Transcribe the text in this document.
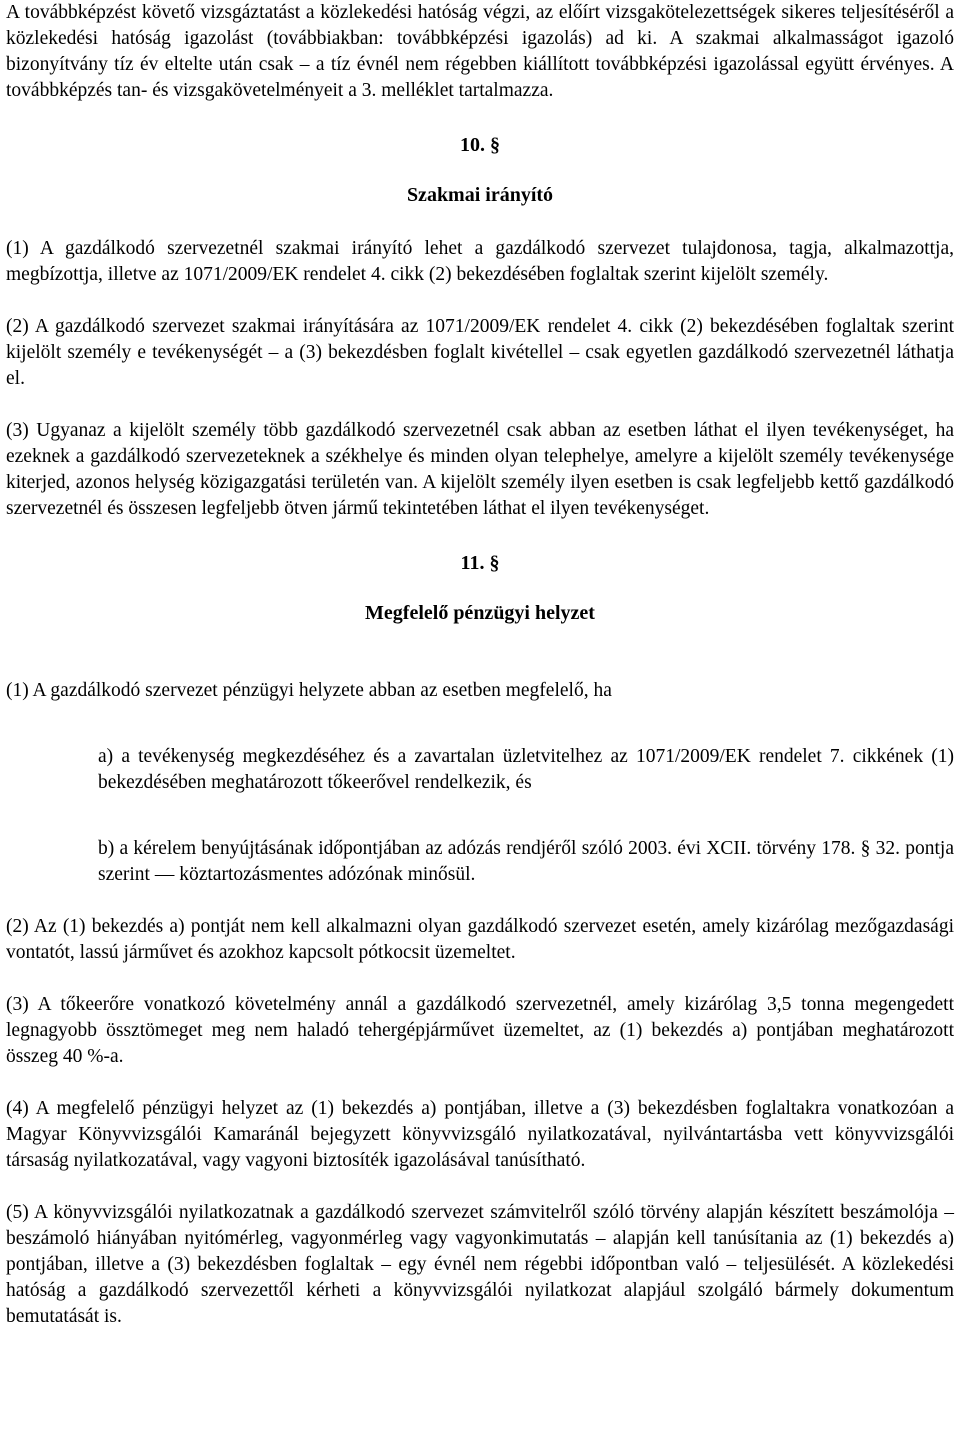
A továbbképzést követő vizsgáztatást a közlekedési hatóság végzi, az előírt vizsgakötelezettségek sikeres teljesítéséről a közlekedési hatóság igazolást (továbbiakban: továbbképzési igazolás) ad ki. A szakmai alkalmasságot igazoló bizonyítvány tíz év eltelte után csak – a tíz évnél nem régebben kiállított továbbképzési igazolással együtt érvényes. A továbbképzés tan- és vizsgakövetelményeit a 3. melléklet tartalmazza.

10. §
Szakmai irányító

(1) A gazdálkodó szervezetnél szakmai irányító lehet a gazdálkodó szervezet tulajdonosa, tagja, alkalmazottja, megbízottja, illetve az 1071/2009/EK rendelet 4. cikk (2) bekezdésében foglaltak szerint kijelölt személy.

(2) A gazdálkodó szervezet szakmai irányítására az 1071/2009/EK rendelet 4. cikk (2) bekezdésében foglaltak szerint kijelölt személy e tevékenységét – a (3) bekezdésben foglalt kivétellel – csak egyetlen gazdálkodó szervezetnél láthatja el.

(3) Ugyanaz a kijelölt személy több gazdálkodó szervezetnél csak abban az esetben láthat el ilyen tevékenységet, ha ezeknek a gazdálkodó szervezeteknek a székhelye és minden olyan telephelye, amelyre a kijelölt személy tevékenysége kiterjed, azonos helység közigazgatási területén van. A kijelölt személy ilyen esetben is csak legfeljebb kettő gazdálkodó szervezetnél és összesen legfeljebb ötven jármű tekintetében láthat el ilyen tevékenységet.

11. §
Megfelelő pénzügyi helyzet

(1) A gazdálkodó szervezet pénzügyi helyzete abban az esetben megfelelő, ha

a) a tevékenység megkezdéséhez és a zavartalan üzletvitelhez az 1071/2009/EK rendelet 7. cikkének (1) bekezdésében meghatározott tőkeerővel rendelkezik, és

b) a kérelem benyújtásának időpontjában az adózás rendjéről szóló 2003. évi XCII. törvény 178. § 32. pontja szerint –– köztartozásmentes adózónak minősül.

(2) Az (1) bekezdés a) pontját nem kell alkalmazni olyan gazdálkodó szervezet esetén, amely kizárólag mezőgazdasági vontatót, lassú járművet és azokhoz kapcsolt pótkocsit üzemeltet.

(3) A tőkeerőre vonatkozó követelmény annál a gazdálkodó szervezetnél, amely kizárólag 3,5 tonna megengedett legnagyobb össztömeget meg nem haladó tehergépjárművet üzemeltet, az (1) bekezdés a) pontjában meghatározott összeg 40 %-a.

(4) A megfelelő pénzügyi helyzet az (1) bekezdés a) pontjában, illetve a (3) bekezdésben foglaltakra vonatkozóan a Magyar Könyvvizsgálói Kamaránál bejegyzett könyvvizsgáló nyilatkozatával, nyilvántartásba vett könyvvizsgálói társaság nyilatkozatával, vagy vagyoni biztosíték igazolásával tanúsítható.

(5) A könyvvizsgálói nyilatkozatnak a gazdálkodó szervezet számvitelről szóló törvény alapján készített beszámolója – beszámoló hiányában nyitómérleg, vagyonmérleg vagy vagyonkimutatás – alapján kell tanúsítania az (1) bekezdés a) pontjában, illetve a (3) bekezdésben foglaltak – egy évnél nem régebbi időpontban való – teljesülését. A közlekedési hatóság a gazdálkodó szervezettől kérheti a könyvvizsgálói nyilatkozat alapjául szolgáló bármely dokumentum bemutatását is.
